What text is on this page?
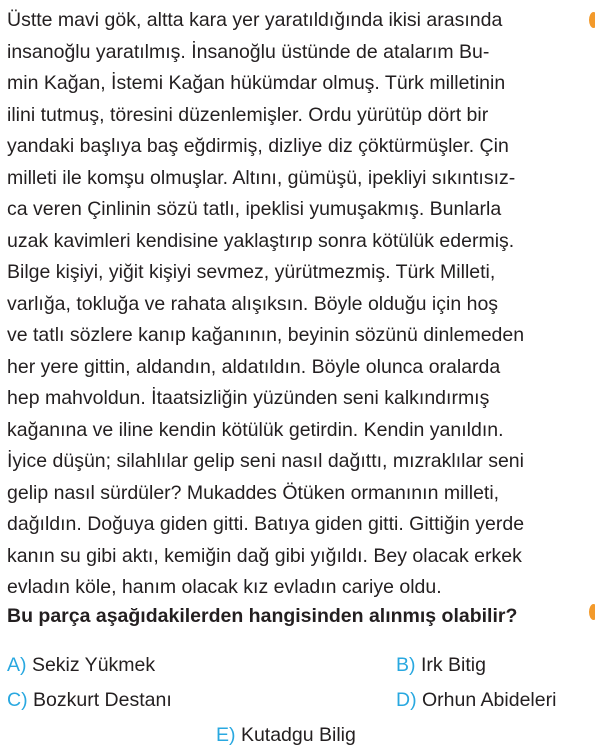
Üstte mavi gök, altta kara yer yaratıldığında ikisi arasında
insanoğlu yaratılmış. İnsanoğlu üstünde de atalarım Bu-
min Kağan, İstemi Kağan hükümdar olmuş. Türk milletinin
ilini tutmuş, töresini düzenlemişler. Ordu yürütüp dört bir
yandaki başlıya baş eğdirmiş, dizliye diz çöktürmüşler. Çin
milleti ile komşu olmuşlar. Altını, gümüşü, ipekliyi sıkıntısız-
ca veren Çinlinin sözü tatlı, ipeklisi yumuşakmış. Bunlarla
uzak kavimleri kendisine yaklaştırıp sonra kötülük edermiş.
Bilge kişiyi, yiğit kişiyi sevmez, yürütmezmiş. Türk Milleti,
varlığa, tokluğa ve rahata alışıksın. Böyle olduğu için hoş
ve tatlı sözlere kanıp kağanının, beyinin sözünü dinlemeden
her yere gittin, aldandın, aldatıldın. Böyle olunca oralarda
hep mahvoldun. İtaatsizliğin yüzünden seni kalkındırmış
kağanına ve iline kendin kötülük getirdin. Kendin yanıldın.
İyice düşün; silahlılar gelip seni nasıl dağıttı, mızraklılar seni
gelip nasıl sürdüler? Mukaddes Ötüken ormanının milleti,
dağıldın. Doğuya giden gitti. Batıya giden gitti. Gittiğin yerde
kanın su gibi aktı, kemiğin dağ gibi yığıldı. Bey olacak erkek
evladın köle, hanım olacak kız evladın cariye oldu.
Bu parça aşağıdakilerden hangisinden alınmış olabilir?
A) Sekiz Yükmek	B) Irk Bitig
C) Bozkurt Destanı	D) Orhun Abideleri
E) Kutadgu Bilig
